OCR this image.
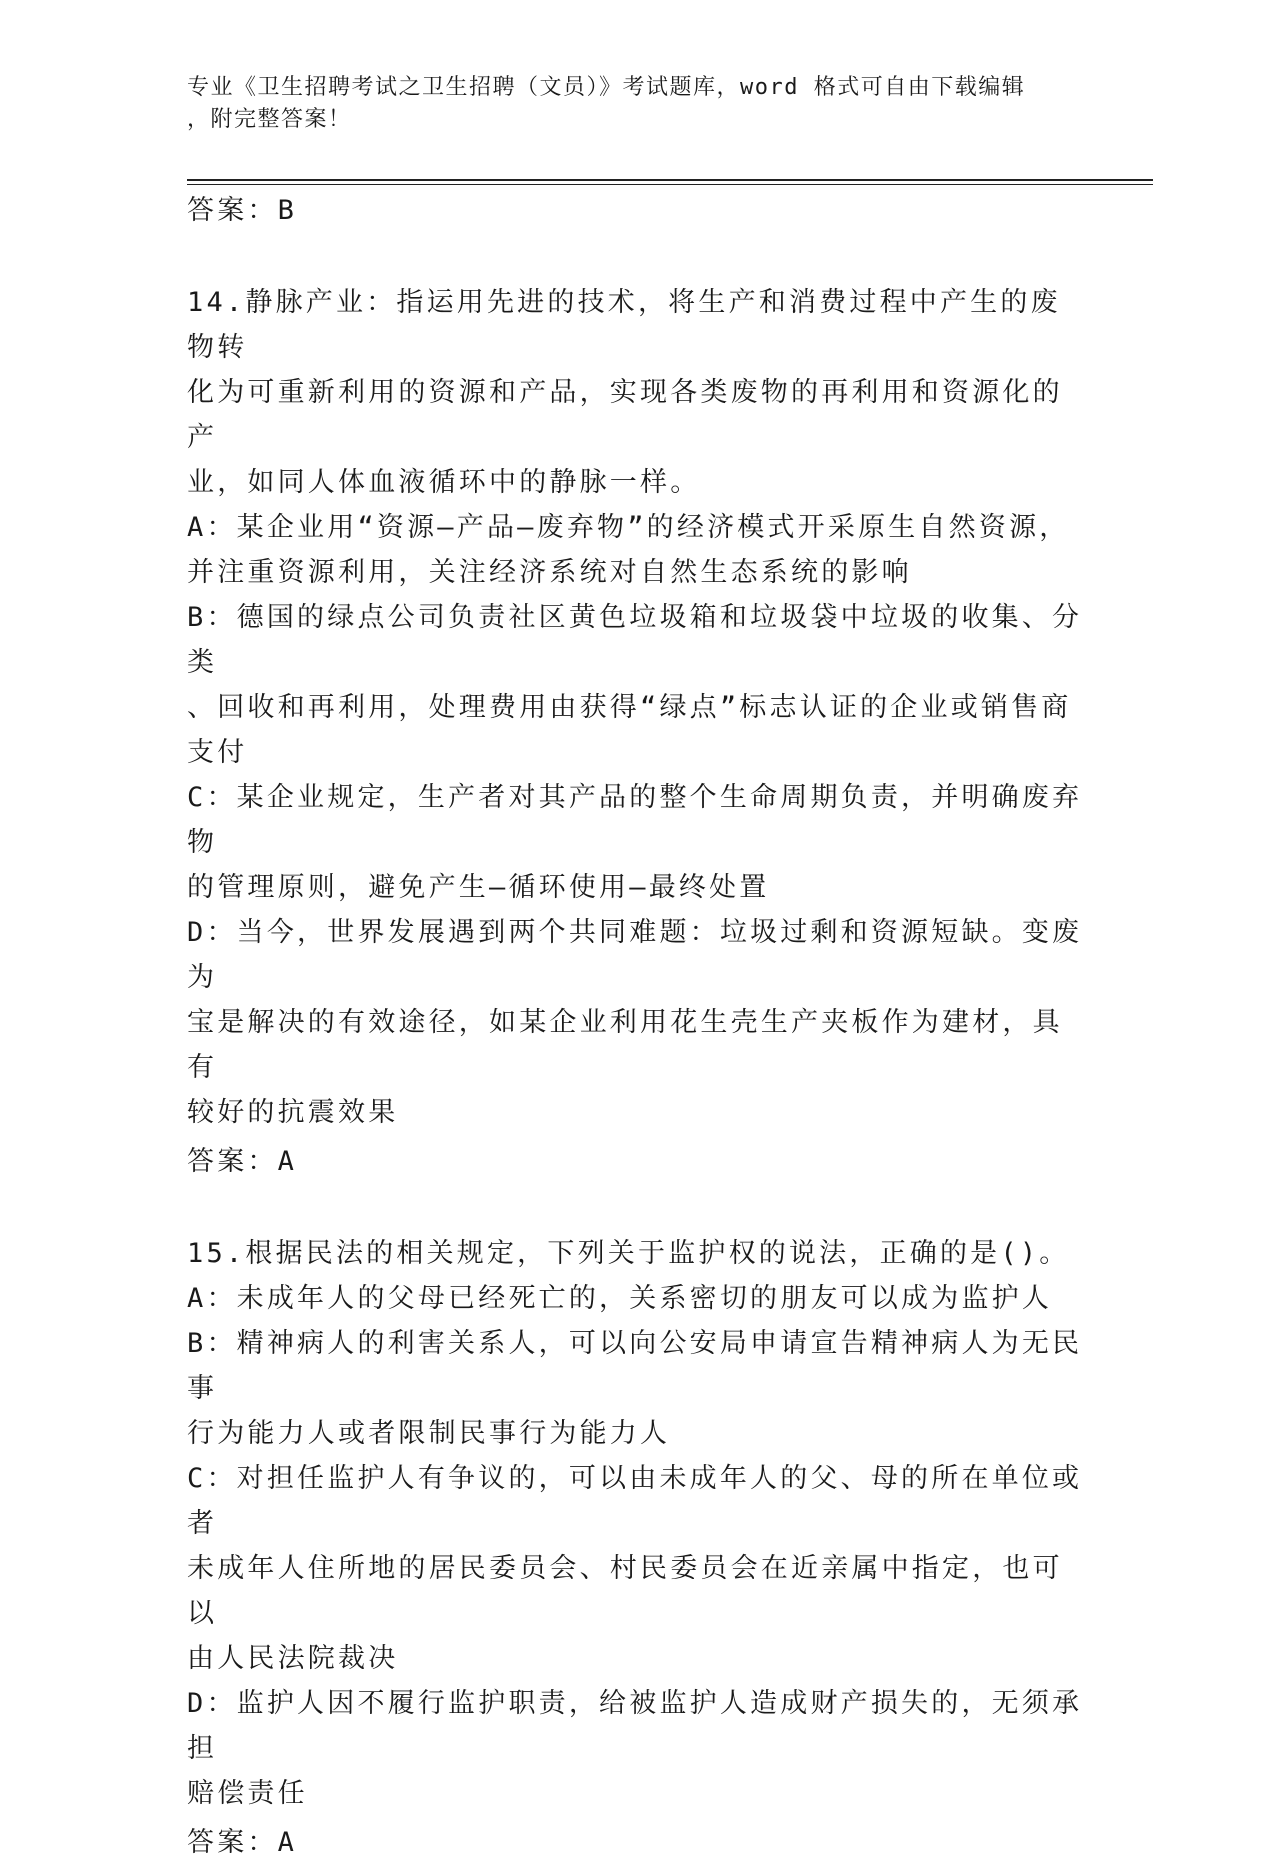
专业《卫生招聘考试之卫生招聘（文员）》考试题库，word 格式可自由下载编辑
，附完整答案！
答案：B
14.静脉产业：指运用先进的技术，将生产和消费过程中产生的废物转
化为可重新利用的资源和产品，实现各类废物的再利用和资源化的产
业，如同人体血液循环中的静脉一样。
A：某企业用“资源—产品—废弃物”的经济模式开采原生自然资源，
并注重资源利用，关注经济系统对自然生态系统的影响
B：德国的绿点公司负责社区黄色垃圾箱和垃圾袋中垃圾的收集、分类
、回收和再利用，处理费用由获得“绿点”标志认证的企业或销售商
支付
C：某企业规定，生产者对其产品的整个生命周期负责，并明确废弃物
的管理原则，避免产生—循环使用—最终处置
D：当今，世界发展遇到两个共同难题：垃圾过剩和资源短缺。变废为
宝是解决的有效途径，如某企业利用花生壳生产夹板作为建材，具有
较好的抗震效果
答案：A
15.根据民法的相关规定，下列关于监护权的说法，正确的是()。
A：未成年人的父母已经死亡的，关系密切的朋友可以成为监护人
B：精神病人的利害关系人，可以向公安局申请宣告精神病人为无民事
行为能力人或者限制民事行为能力人
C：对担任监护人有争议的，可以由未成年人的父、母的所在单位或者
未成年人住所地的居民委员会、村民委员会在近亲属中指定，也可以
由人民法院裁决
D：监护人因不履行监护职责，给被监护人造成财产损失的，无须承担
赔偿责任
答案：A
